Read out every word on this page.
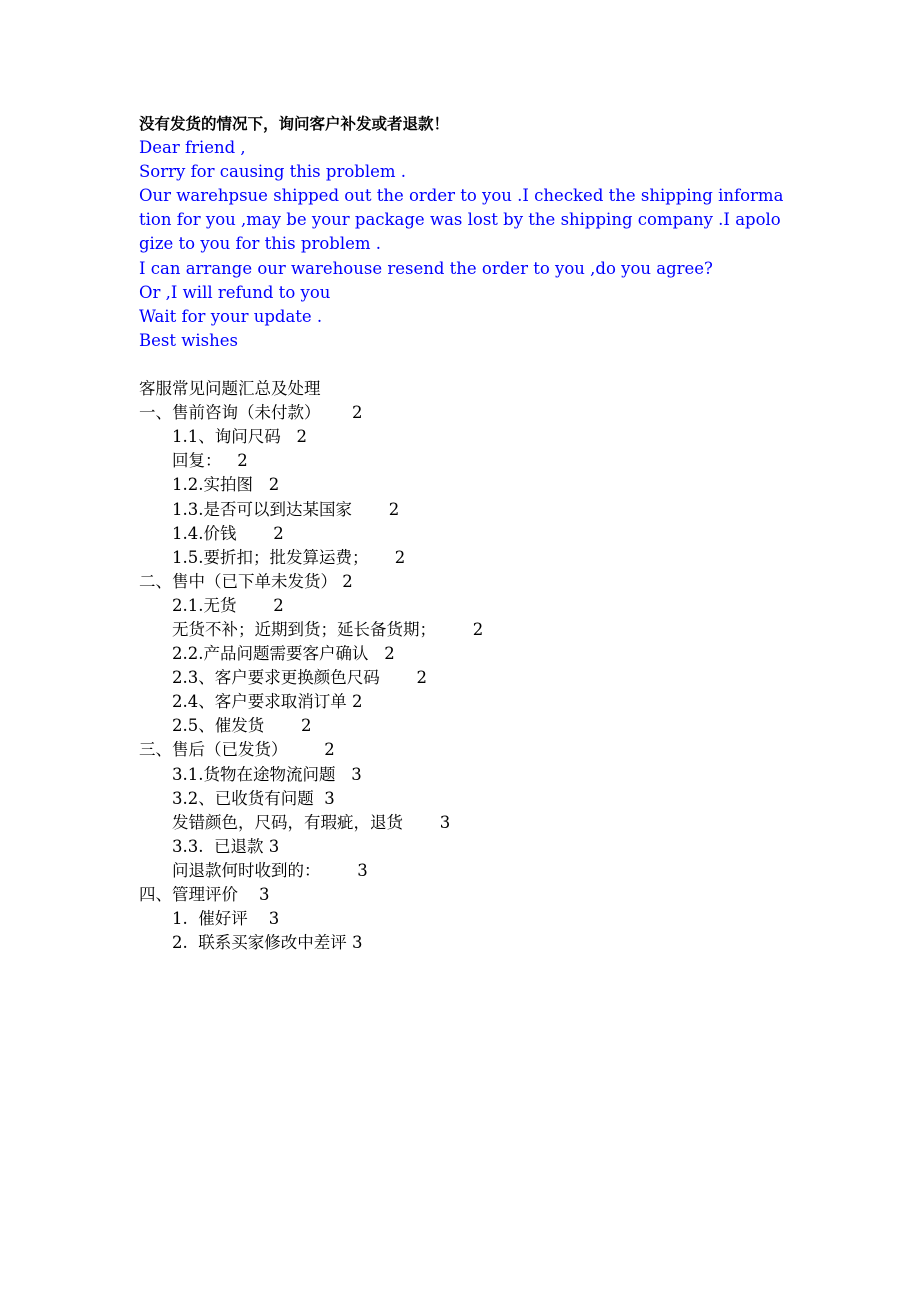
没有发货的情况下，询问客户补发或者退款！

Dear friend ,

Sorry for causing this problem .

Our warehpsue shipped out the order to you .I checked the shipping information for you ,may be your package was lost by the shipping company .I apologize to you for this problem .

I can arrange our warehouse resend the order to you ,do you agree?

Or ,I will refund to you

Wait for your update .

Best wishes

客服常见问题汇总及处理

一、售前咨询（未付款）
2
1.1、询问尺码
2
回复：
2
1.2.实拍图
2
1.3.是否可以到达某国家
2
1.4.价钱
2
1.5.要折扣；批发算运费；
2
二、售中（已下单未发货）
2
2.1.无货
2
无货不补；近期到货；延长备货期；
2
2.2.产品问题需要客户确认
2
2.3、客户要求更换颜色尺码
2
2.4、客户要求取消订单
2
2.5、催发货
2
三、售后（已发货）
2
3.1.货物在途物流问题
3
3.2、已收货有问题
3
发错颜色，尺码，有瑕疵，退货
3
3.3.  已退款
3
问退款何时收到的：
3
四、管理评价
3
1.  催好评
3
2.  联系买家修改中差评
3
